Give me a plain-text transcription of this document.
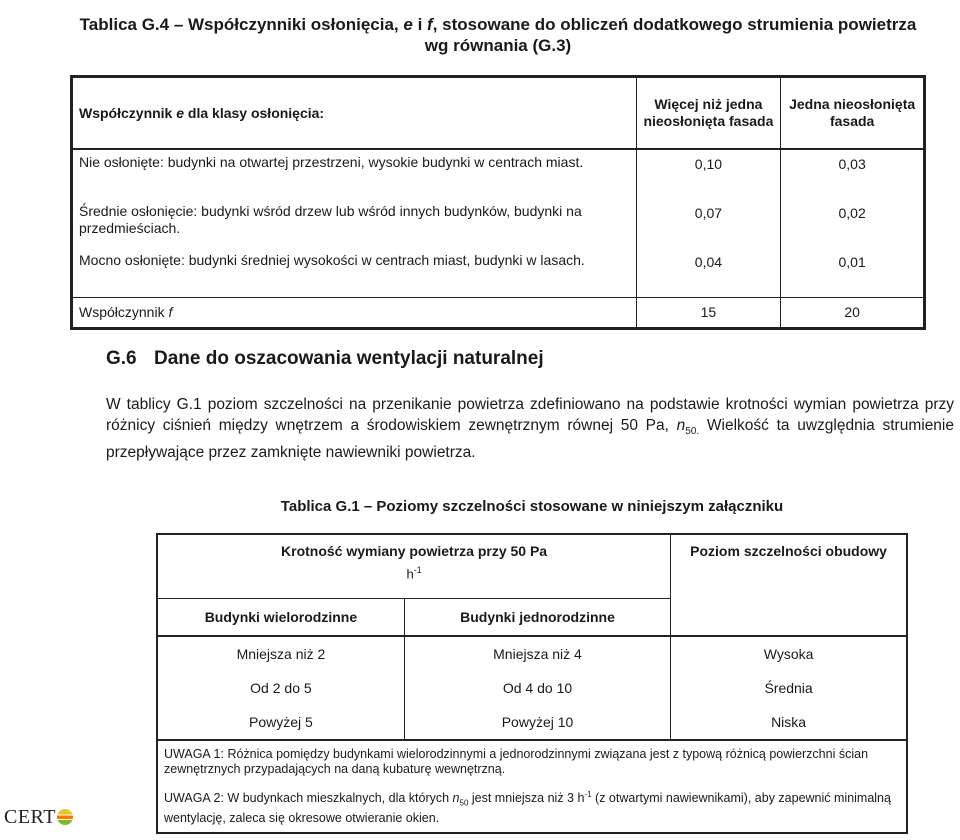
Tablica G.4 – Współczynniki osłonięcia, e i f, stosowane do obliczeń dodatkowego strumienia powietrza wg równania (G.3)
Współczynnik e dla klasy osłonięcia:	Więcej niż jedna nieosłonięta fasada	Jedna nieosłonięta fasada
Nie osłonięte: budynki na otwartej przestrzeni, wysokie budynki w centrach miast.	0,10	0,03
Średnie osłonięcie: budynki wśród drzew lub wśród innych budynków, budynki na przedmieściach.	0,07	0,02
Mocno osłonięte: budynki średniej wysokości w centrach miast, budynki w lasach.	0,04	0,01
Współczynnik f	15	20
G.6 Dane do oszacowania wentylacji naturalnej
W tablicy G.1 poziom szczelności na przenikanie powietrza zdefiniowano na podstawie krotności wymian powietrza przy różnicy ciśnień między wnętrzem a środowiskiem zewnętrznym równej 50 Pa, $n_{50.}$ Wielkość ta uwzględnia strumienie przepływające przez zamknięte nawiewniki powietrza.
Tablica G.1 – Poziomy szczelności stosowane w niniejszym załączniku
Krotność wymiany powietrza przy 50 Pa
$h^{-1}$		Poziom szczelności obudowy
Budynki wielorodzinne	Budynki jednorodzinne	
Mniejsza niż 2	Mniejsza niż 4	Wysoka
Od 2 do 5	Od 4 do 10	Średnia
Powyżej 5	Powyżej 10	Niska

UWAGA 1: Różnica pomiędzy budynkami wielorodzinnymi a jednorodzinnymi związana jest z typową różnicą powierzchni ścian zewnętrznych przypadających na daną kubaturę wewnętrzną.

UWAGA 2: W budynkach mieszkalnych, dla których $n_{50}$ jest mniejsza niż 3 $h^{-1}$ (z otwartymi nawiewnikami), aby zapewnić minimalną wentylację, zaleca się okresowe otwieranie okien.		

CERT
